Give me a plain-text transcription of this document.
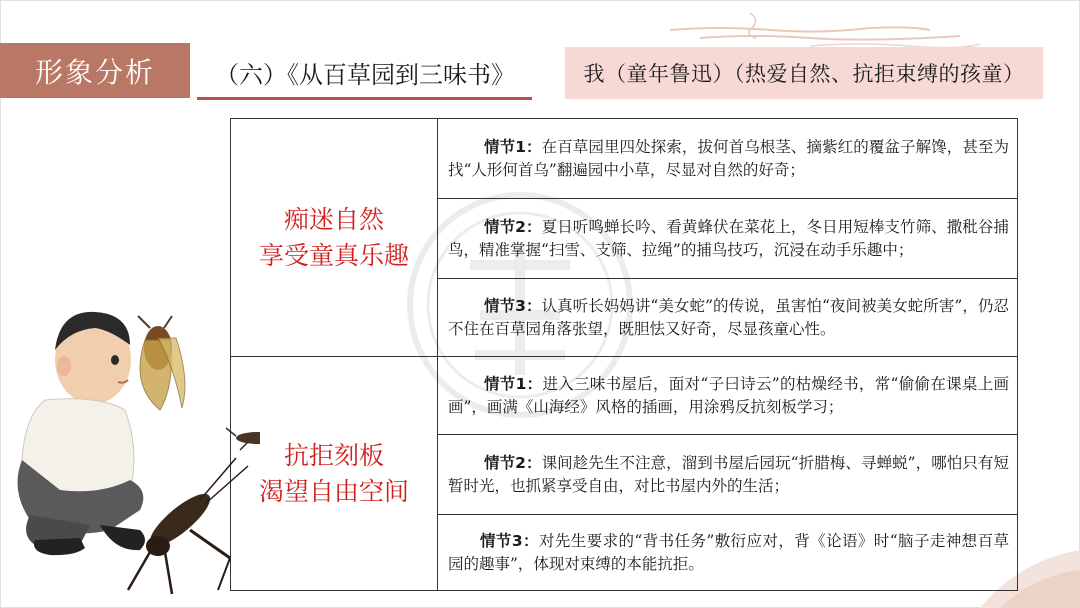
形象分析	（六）《从百草园到三味书》	我（童年鲁迅）（热爱自然、抗拒束缚的孩童）
痴迷自然
享受童真乐趣	情节1：在百草园里四处探索，拔何首乌根茎、摘紫红的覆盆子解馋，甚至为找“人形何首乌”翻遍园中小草，尽显对自然的好奇；
	情节2：夏日听鸣蝉长吟、看黄蜂伏在菜花上，冬日用短棒支竹筛、撒秕谷捕鸟，精准掌握“扫雪、支筛、拉绳”的捕鸟技巧，沉浸在动手乐趣中；
	情节3：认真听长妈妈讲“美女蛇”的传说，虽害怕“夜间被美女蛇所害”，仍忍不住在百草园角落张望，既胆怯又好奇，尽显孩童心性。

抗拒刻板
渴望自由空间	情节1：进入三味书屋后，面对“子曰诗云”的枯燥经书，常“偷偷在课桌上画画”，画满《山海经》风格的插画，用涂鸦反抗刻板学习；
	情节2：课间趁先生不注意，溜到书屋后园玩“折腊梅、寻蝉蜕”，哪怕只有短暂时光，也抓紧享受自由，对比书屋内外的生活；
	情节3：对先生要求的“背书任务”敷衍应对，背《论语》时“脑子走神想百草园的趣事”，体现对束缚的本能抗拒。
